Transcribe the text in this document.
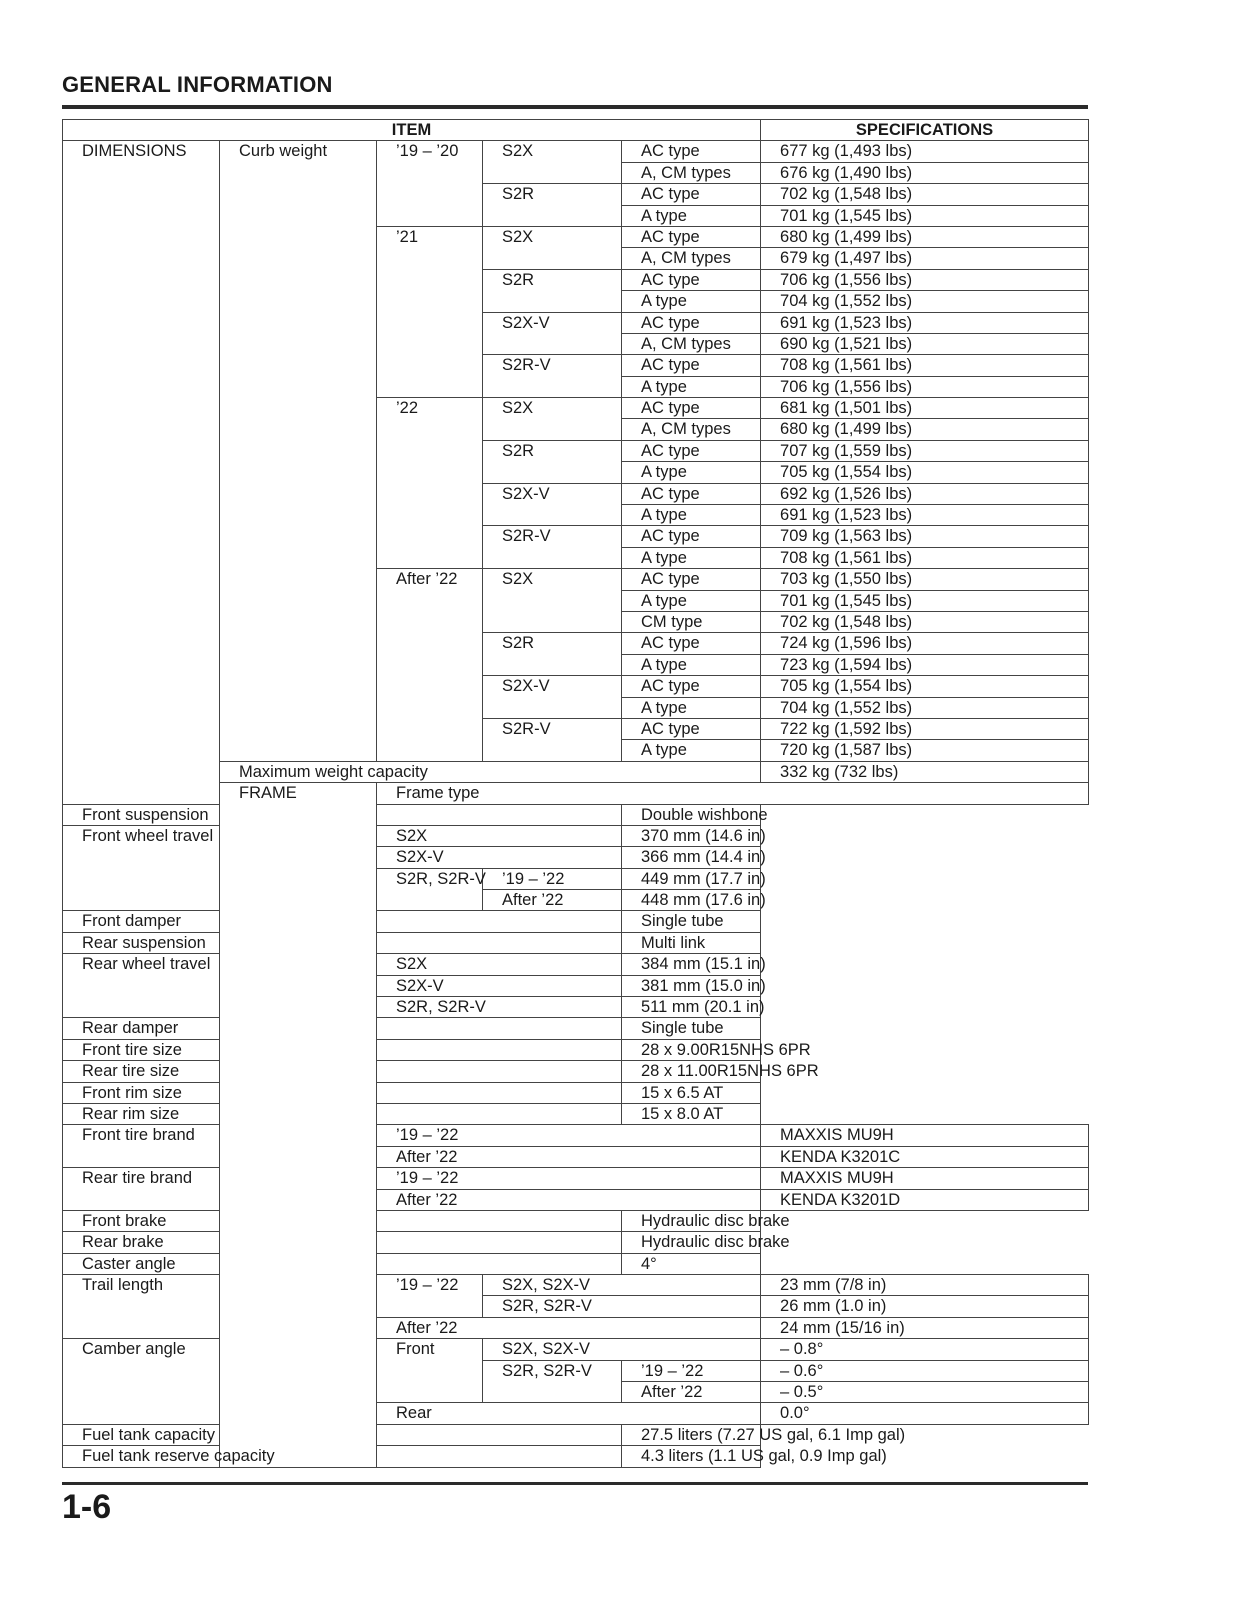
GENERAL INFORMATION
ITEM					SPECIFICATIONS	
DIMENSIONS	Curb weight	’19 – ’20	S2X	AC type	677 kg (1,493 lbs)	
				A, CM types	676 kg (1,490 lbs)	
			S2R	AC type	702 kg (1,548 lbs)	
				A type	701 kg (1,545 lbs)	
		’21	S2X	AC type	680 kg (1,499 lbs)	
				A, CM types	679 kg (1,497 lbs)	
			S2R	AC type	706 kg (1,556 lbs)	
				A type	704 kg (1,552 lbs)	
			S2X-V	AC type	691 kg (1,523 lbs)	
				A, CM types	690 kg (1,521 lbs)	
			S2R-V	AC type	708 kg (1,561 lbs)	
				A type	706 kg (1,556 lbs)	
		’22	S2X	AC type	681 kg (1,501 lbs)	
				A, CM types	680 kg (1,499 lbs)	
			S2R	AC type	707 kg (1,559 lbs)	
				A type	705 kg (1,554 lbs)	
			S2X-V	AC type	692 kg (1,526 lbs)	
				A type	691 kg (1,523 lbs)	
			S2R-V	AC type	709 kg (1,563 lbs)	
				A type	708 kg (1,561 lbs)	
		After ’22	S2X	AC type	703 kg (1,550 lbs)	
				A type	701 kg (1,545 lbs)	
				CM type	702 kg (1,548 lbs)	
			S2R	AC type	724 kg (1,596 lbs)	
				A type	723 kg (1,594 lbs)	
			S2X-V	AC type	705 kg (1,554 lbs)	
				A type	704 kg (1,552 lbs)	
			S2R-V	AC type	722 kg (1,592 lbs)	
				A type	720 kg (1,587 lbs)	
	Maximum weight capacity				332 kg (732 lbs)	
	FRAME	Frame type	
Front suspension				Double wishbone		
Front wheel travel		S2X		370 mm (14.6 in)		
		S2X-V		366 mm (14.4 in)		
		S2R, S2R-V	’19 – ’22	449 mm (17.7 in)		
			After ’22	448 mm (17.6 in)		
Front damper				Single tube		
Rear suspension				Multi link		
Rear wheel travel		S2X		384 mm (15.1 in)		
		S2X-V		381 mm (15.0 in)		
		S2R, S2R-V		511 mm (20.1 in)		
Rear damper				Single tube		
Front tire size				28 x 9.00R15NHS 6PR		
Rear tire size				28 x 11.00R15NHS 6PR		
Front rim size				15 x 6.5 AT		
Rear rim size				15 x 8.0 AT		
Front tire brand		’19 – ’22			MAXXIS MU9H	
		After ’22			KENDA K3201C	
Rear tire brand		’19 – ’22			MAXXIS MU9H	
		After ’22			KENDA K3201D	
Front brake				Hydraulic disc brake		
Rear brake				Hydraulic disc brake		
Caster angle				4°		
Trail length		’19 – ’22	S2X, S2X-V		23 mm (7/8 in)	
			S2R, S2R-V		26 mm (1.0 in)	
		After ’22			24 mm (15/16 in)	
Camber angle		Front	S2X, S2X-V		– 0.8°	
			S2R, S2R-V	’19 – ’22	– 0.6°	
				After ’22	– 0.5°	
		Rear			0.0°	
Fuel tank capacity				27.5 liters (7.27 US gal, 6.1 Imp gal)		
Fuel tank reserve capacity				4.3 liters (1.1 US gal, 0.9 Imp gal)		
1-6
